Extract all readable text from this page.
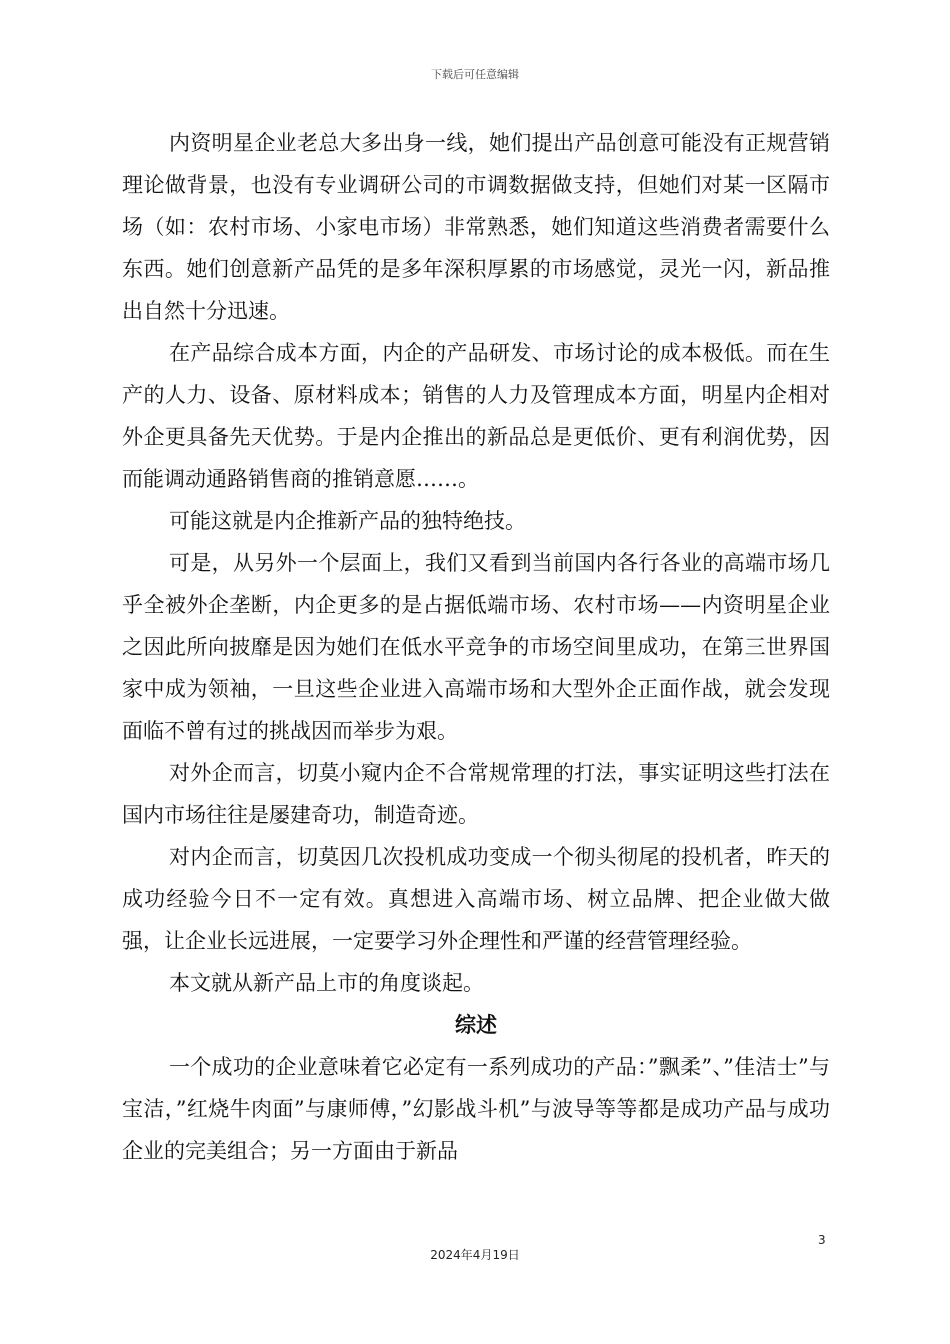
下载后可任意编辑

内资明星企业老总大多出身一线，她们提出产品创意可能没有正规营销理论做背景，也没有专业调研公司的市调数据做支持，但她们对某一区隔市场（如：农村市场、小家电市场）非常熟悉，她们知道这些消费者需要什么东西。她们创意新产品凭的是多年深积厚累的市场感觉，灵光一闪，新品推出自然十分迅速。

在产品综合成本方面，内企的产品研发、市场讨论的成本极低。而在生产的人力、设备、原材料成本；销售的人力及管理成本方面，明星内企相对外企更具备先天优势。于是内企推出的新品总是更低价、更有利润优势，因而能调动通路销售商的推销意愿……。

可能这就是内企推新产品的独特绝技。

可是，从另外一个层面上，我们又看到当前国内各行各业的高端市场几乎全被外企垄断，内企更多的是占据低端市场、农村市场——内资明星企业之因此所向披靡是因为她们在低水平竞争的市场空间里成功，在第三世界国家中成为领袖，一旦这些企业进入高端市场和大型外企正面作战，就会发现面临不曾有过的挑战因而举步为艰。

对外企而言，切莫小窥内企不合常规常理的打法，事实证明这些打法在国内市场往往是屡建奇功，制造奇迹。

对内企而言，切莫因几次投机成功变成一个彻头彻尾的投机者，昨天的成功经验今日不一定有效。真想进入高端市场、树立品牌、把企业做大做强，让企业长远进展，一定要学习外企理性和严谨的经营管理经验。

本文就从新产品上市的角度谈起。

综述

一个成功的企业意味着它必定有一系列成功的产品：”飘柔”、”佳洁士”与宝洁，”红烧牛肉面”与康师傅，”幻影战斗机”与波导等等都是成功产品与成功企业的完美组合；另一方面由于新品

3
2024年4月19日
